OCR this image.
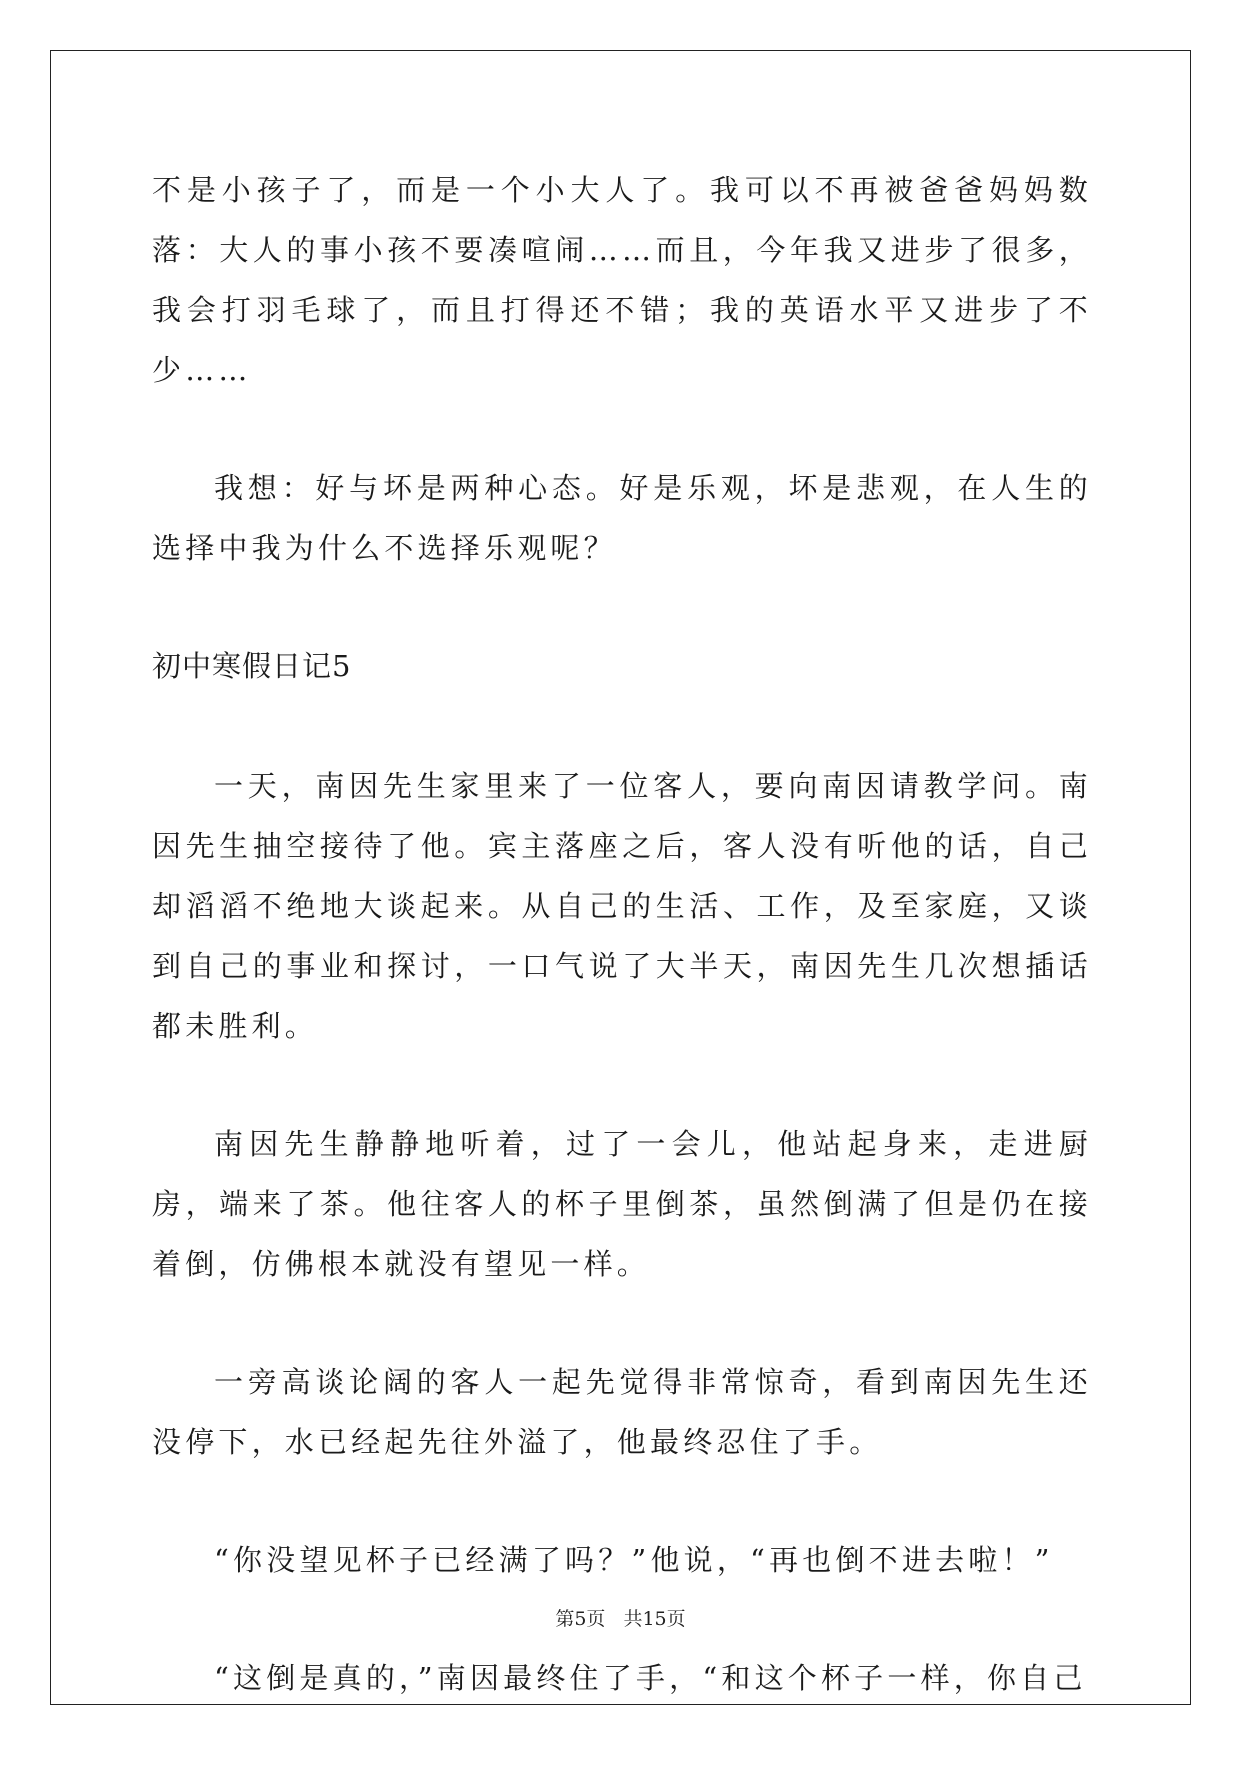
不是小孩子了，而是一个小大人了。我可以不再被爸爸妈妈数落：大人的事小孩不要凑喧闹……而且，今年我又进步了很多，我会打羽毛球了，而且打得还不错；我的英语水平又进步了不少……

我想：好与坏是两种心态。好是乐观，坏是悲观，在人生的选择中我为什么不选择乐观呢？

初中寒假日记5

一天，南因先生家里来了一位客人，要向南因请教学问。南因先生抽空接待了他。宾主落座之后，客人没有听他的话，自己却滔滔不绝地大谈起来。从自己的生活、工作，及至家庭，又谈到自己的事业和探讨，一口气说了大半天，南因先生几次想插话都未胜利。

南因先生静静地听着，过了一会儿，他站起身来，走进厨房，端来了茶。他往客人的杯子里倒茶，虽然倒满了但是仍在接着倒，仿佛根本就没有望见一样。

一旁高谈论阔的客人一起先觉得非常惊奇，看到南因先生还没停下，水已经起先往外溢了，他最终忍住了手。

“你没望见杯子已经满了吗？”他说，“再也倒不进去啦！”

“这倒是真的，”南因最终住了手，“和这个杯子一样，你自己

第5页 共15页
